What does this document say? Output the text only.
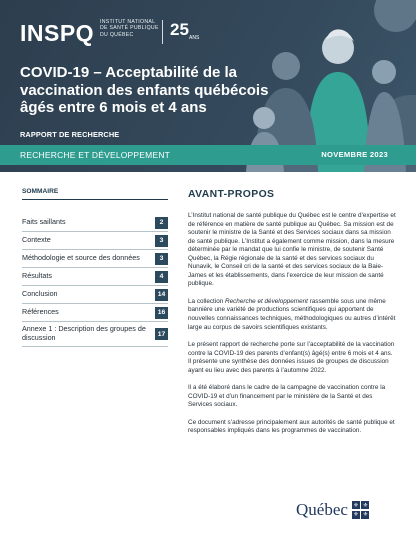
INSPQ INSTITUT NATIONAL
DE SANTÉ PUBLIQUE
DU QUÉBEC	25 ANS
COVID-19 – Acceptabilité de la vaccination des enfants québécois âgés entre 6 mois et 4 ans
RAPPORT DE RECHERCHE
RECHERCHE ET DÉVELOPPEMENT	NOVEMBRE 2023
SOMMAIRE
Faits saillants	2
Contexte	3
Méthodologie et source des données	3
Résultats	4
Conclusion	14
Références	16
Annexe 1 : Description des groupes de discussion	17
AVANT-PROPOS

L’Institut national de santé publique du Québec est le centre d’expertise et de référence en matière de santé publique au Québec. Sa mission est de soutenir le ministre de la Santé et des Services sociaux dans sa mission de santé publique. L’Institut a également comme mission, dans la mesure déterminée par le mandat que lui confie le ministre, de soutenir Santé Québec, la Régie régionale de la santé et des services sociaux du Nunavik, le Conseil cri de la santé et des services sociaux de la Baie-James et les établissements, dans l’exercice de leur mission de santé publique.

La collection Recherche et développement rassemble sous une même bannière une variété de productions scientifiques qui apportent de nouvelles connaissances techniques, méthodologiques ou autres d’intérêt large au corpus de savoirs scientifiques existants.

Le présent rapport de recherche porte sur l’acceptabilité de la vaccination contre la COVID-19 des parents d’enfant(s) âgé(s) entre 6 mois et 4 ans. Il présente une synthèse des données issues de groupes de discussion ayant eu lieu avec des parents à l’automne 2022.

Il a été élaboré dans le cadre de la campagne de vaccination contre la COVID-19 et d’un financement par le ministère de la Santé et des Services sociaux.

Ce document s’adresse principalement aux autorités de santé publique et responsables impliqués dans les programmes de vaccination.

Québec ⚜ ⚜
⚜ ⚜
